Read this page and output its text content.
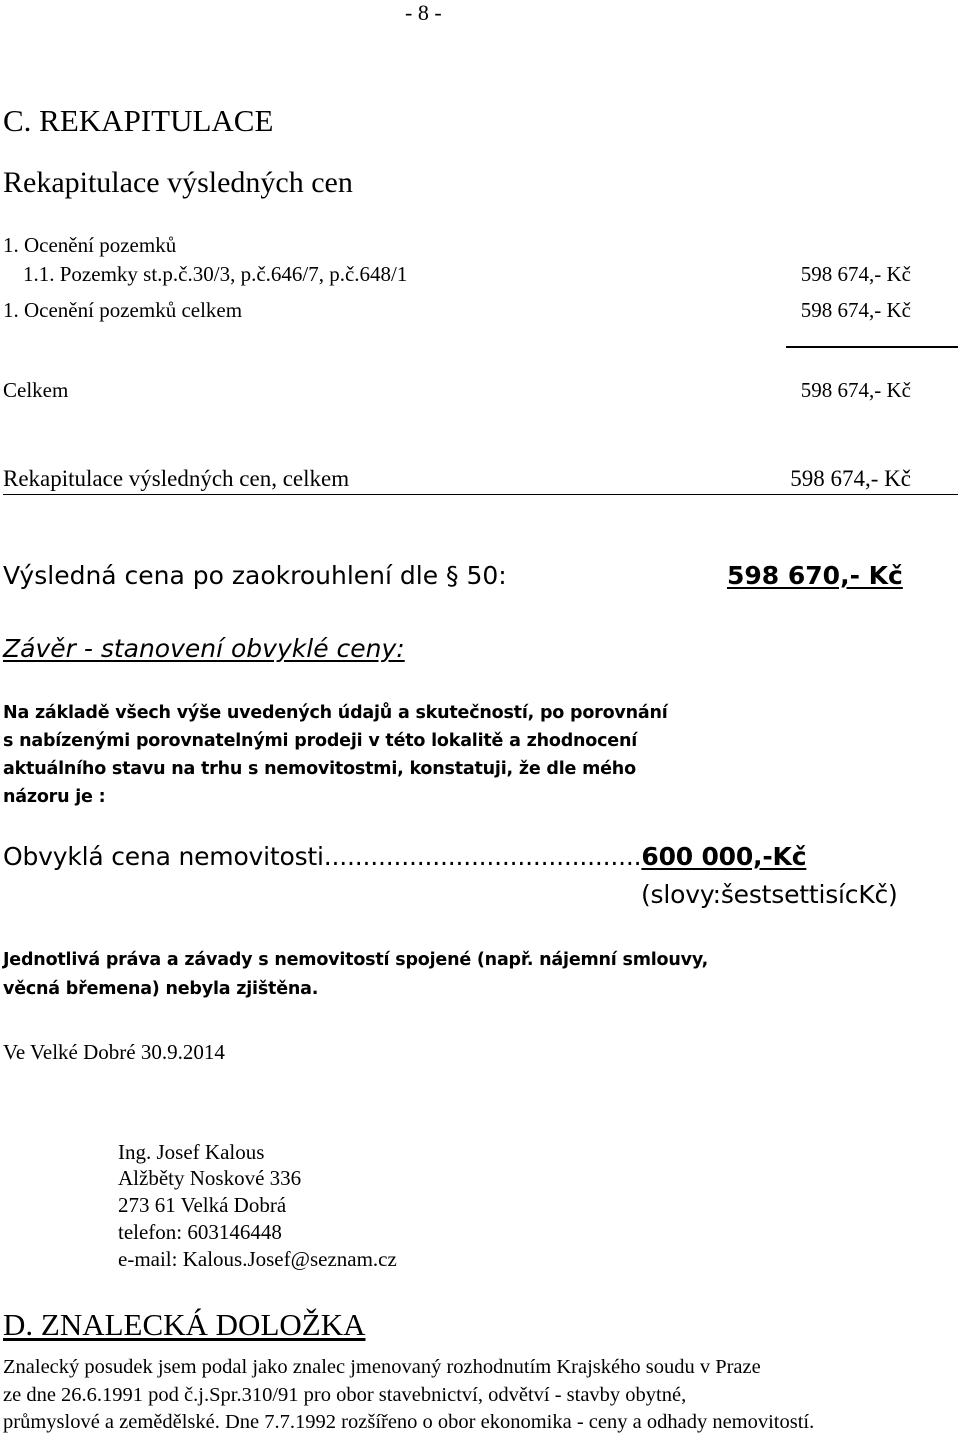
- 8 -
C. REKAPITULACE
Rekapitulace výsledných cen
1. Ocenění pozemků
1.1. Pozemky st.p.č.30/3, p.č.646/7, p.č.648/1	598 674,- Kč
1. Ocenění pozemků celkem	598 674,- Kč
Celkem	598 674,- Kč
Rekapitulace výsledných cen, celkem	598 674,- Kč
Výsledná cena po zaokrouhlení dle § 50:	598 670,- Kč
Závěr - stanovení obvyklé ceny:
Na základě všech výše uvedených údajů a skutečností, po porovnání
s nabízenými porovnatelnými prodeji v této lokalitě a zhodnocení
aktuálního stavu na trhu s nemovitostmi, konstatuji, že dle mého
názoru je :
Obvyklá cena nemovitosti.........................................600 000,-Kč
(slovy:šestsettisícKč)
Jednotlivá práva a závady s nemovitostí spojené (např. nájemní smlouvy,
věcná břemena) nebyla zjištěna.
Ve Velké Dobré 30.9.2014
Ing. Josef Kalous
Alžběty Noskové 336
273 61 Velká Dobrá
telefon: 603146448
e-mail: Kalous.Josef@seznam.cz
D. ZNALECKÁ DOLOŽKA
Znalecký posudek jsem podal jako znalec jmenovaný rozhodnutím Krajského soudu v Praze
ze dne 26.6.1991 pod č.j.Spr.310/91 pro obor stavebnictví, odvětví - stavby obytné,
průmyslové a zemědělské. Dne 7.7.1992 rozšířeno o obor ekonomika - ceny a odhady nemovitostí.
